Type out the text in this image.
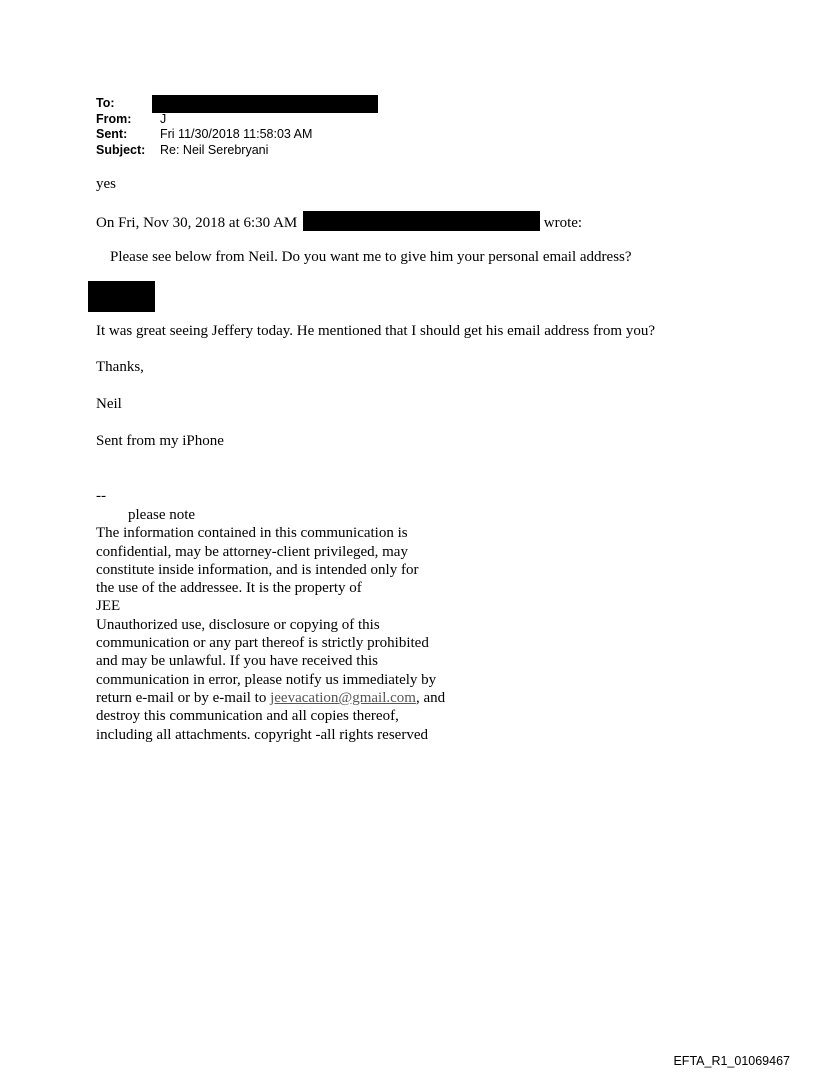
To:
From:	J
Sent:	Fri 11/30/2018 11:58:03 AM
Subject:	Re: Neil Serebryani
yes
On Fri, Nov 30, 2018 at 6:30 AM	wrote:
Please see below from Neil. Do you want me to give him your personal email address?
It was great seeing Jeffery today. He mentioned that I should get his email address from you?
Thanks,
Neil
Sent from my iPhone
--
please note
The information contained in this communication is
confidential, may be attorney-client privileged, may
constitute inside information, and is intended only for
the use of the addressee. It is the property of
JEE
Unauthorized use, disclosure or copying of this
communication or any part thereof is strictly prohibited
and may be unlawful. If you have received this
communication in error, please notify us immediately by
return e-mail or by e-mail to jeevacation@gmail.com, and
destroy this communication and all copies thereof,
including all attachments. copyright -all rights reserved
EFTA_R1_01069467
